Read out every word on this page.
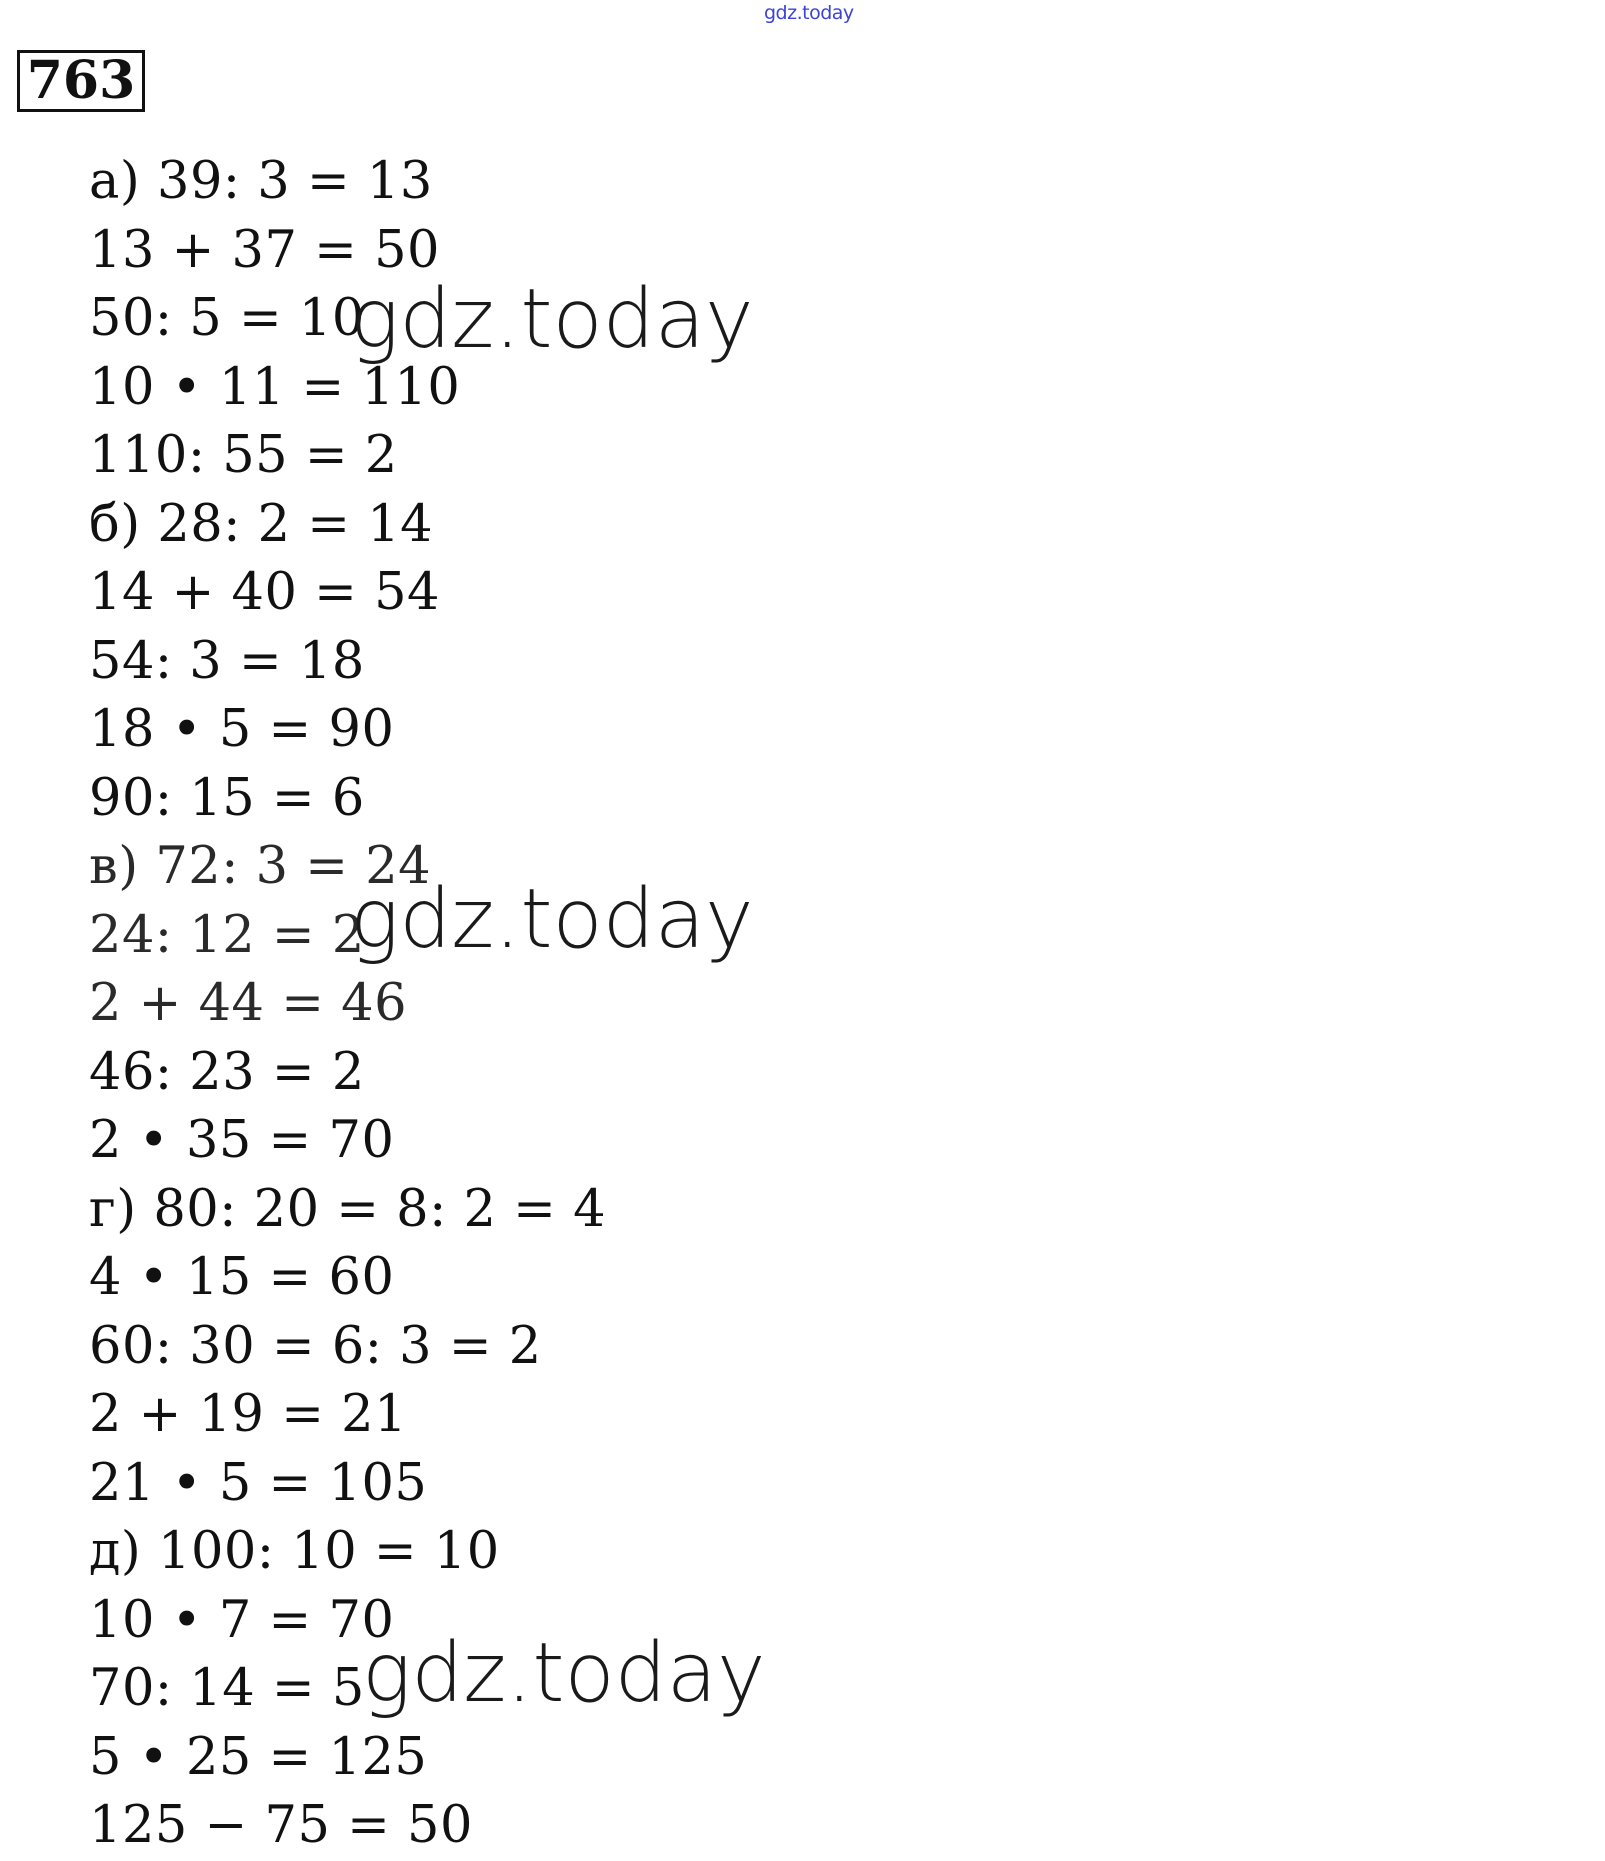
gdz.today
763
а) 39: 3 = 13
13 + 37 = 50
50: 5 = 10
10 • 11 = 110
110: 55 = 2
б) 28: 2 = 14
14 + 40 = 54
54: 3 = 18
18 • 5 = 90
90: 15 = 6
в) 72: 3 = 24
24: 12 = 2
2 + 44 = 46
46: 23 = 2
2 • 35 = 70
г) 80: 20 = 8: 2 = 4
4 • 15 = 60
60: 30 = 6: 3 = 2
2 + 19 = 21
21 • 5 = 105
д) 100: 10 = 10
10 • 7 = 70
70: 14 = 5
5 • 25 = 125
125 − 75 = 50
gdz.today
gdz.today
gdz.today
